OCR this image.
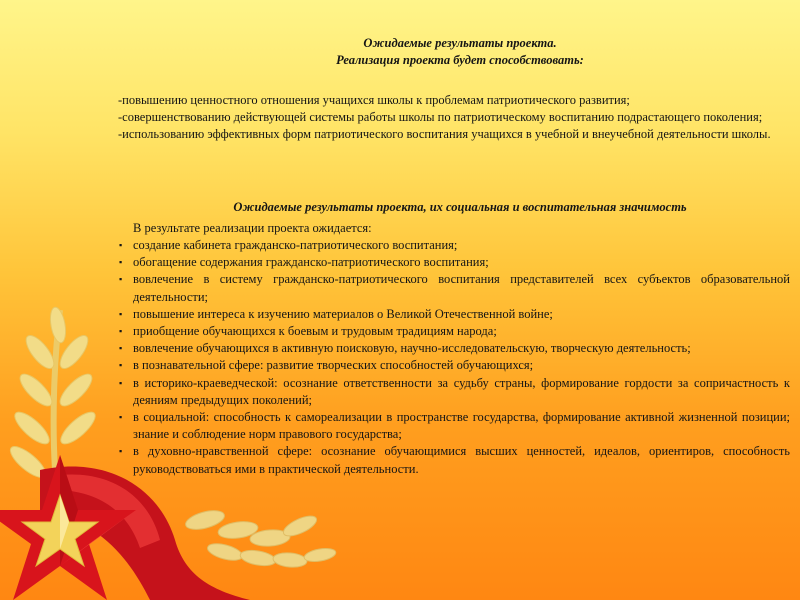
Ожидаемые результаты проекта.

Реализация проекта будет способствовать:

-повышению ценностного отношения учащихся школы к проблемам патриотического развития;
-совершенствованию действующей системы работы школы по патриотическому воспитанию подрастающего поколения;
-использованию эффективных форм патриотического воспитания учащихся в учебной и внеучебной деятельности школы.

Ожидаемые результаты проекта, их социальная и воспитательная значимость

В результате реализации проекта ожидается:

▪ создание кабинета гражданско-патриотического воспитания;
▪ обогащение содержания гражданско-патриотического воспитания;
▪ вовлечение в систему гражданско-патриотического воспитания представителей всех субъектов образовательной деятельности;
▪ повышение интереса к изучению материалов о Великой Отечественной войне;
▪ приобщение обучающихся к боевым и трудовым традициям народа;
▪ вовлечение обучающихся в активную поисковую, научно-исследовательскую, творческую деятельность;
▪ в познавательной сфере: развитие творческих способностей обучающихся;
▪ в историко-краеведческой: осознание ответственности за судьбу страны, формирование гордости за сопричастность к деяниям предыдущих поколений;
▪ в социальной: способность к самореализации в пространстве государства, формирование активной жизненной позиции; знание и соблюдение норм правового государства;
▪ в духовно-нравственной сфере: осознание обучающимися высших ценностей, идеалов, ориентиров, способность руководствоваться ими в практической деятельности.
